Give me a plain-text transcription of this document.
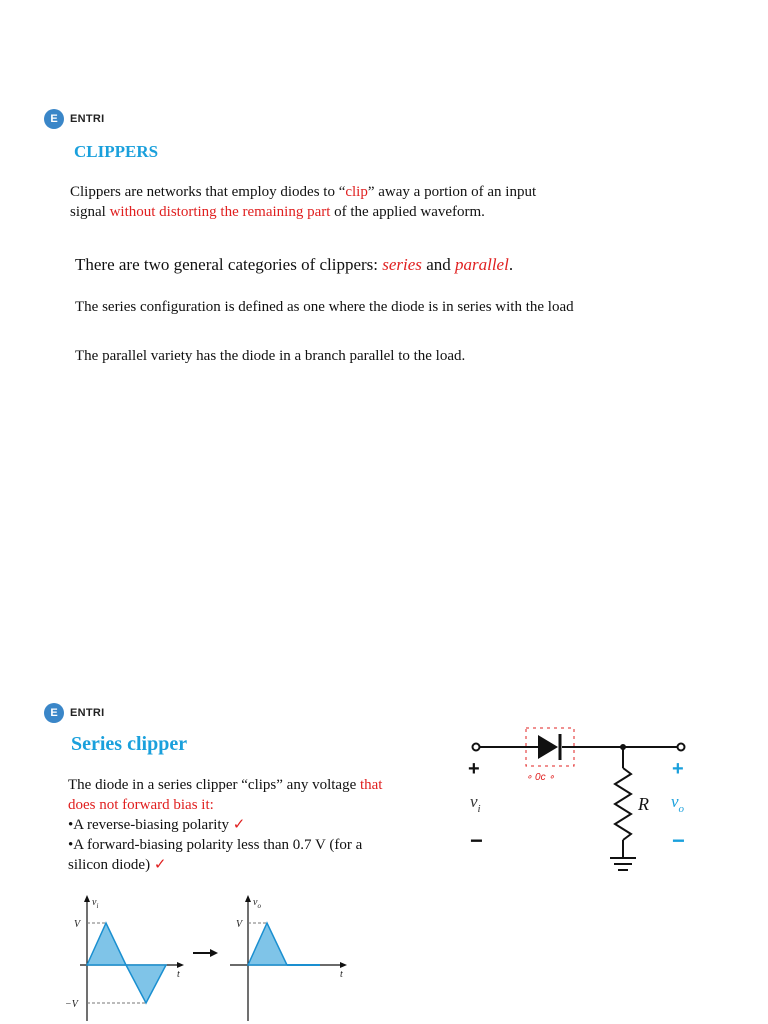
E	ENTRI
CLIPPERS
Clippers are networks that employ diodes to “clip” away a portion of an input
signal without distorting the remaining part of the applied waveform.
There are two general categories of clippers: series and parallel.
The series configuration is defined as one where the diode is in series with the load
The parallel variety has the diode in a branch parallel to the load.
E	ENTRI
Series clipper
The diode in a series clipper “clips” any voltage that
does not forward bias it:
•A reverse-biasing polarity ✓
•A forward-biasing polarity less than 0.7 V (for a
silicon diode) ✓
∘ 0c ∘
+
−
$v_i$	R
+
$v_o$
−
$v_i$
V
−V
t
$v_o$
V
t
